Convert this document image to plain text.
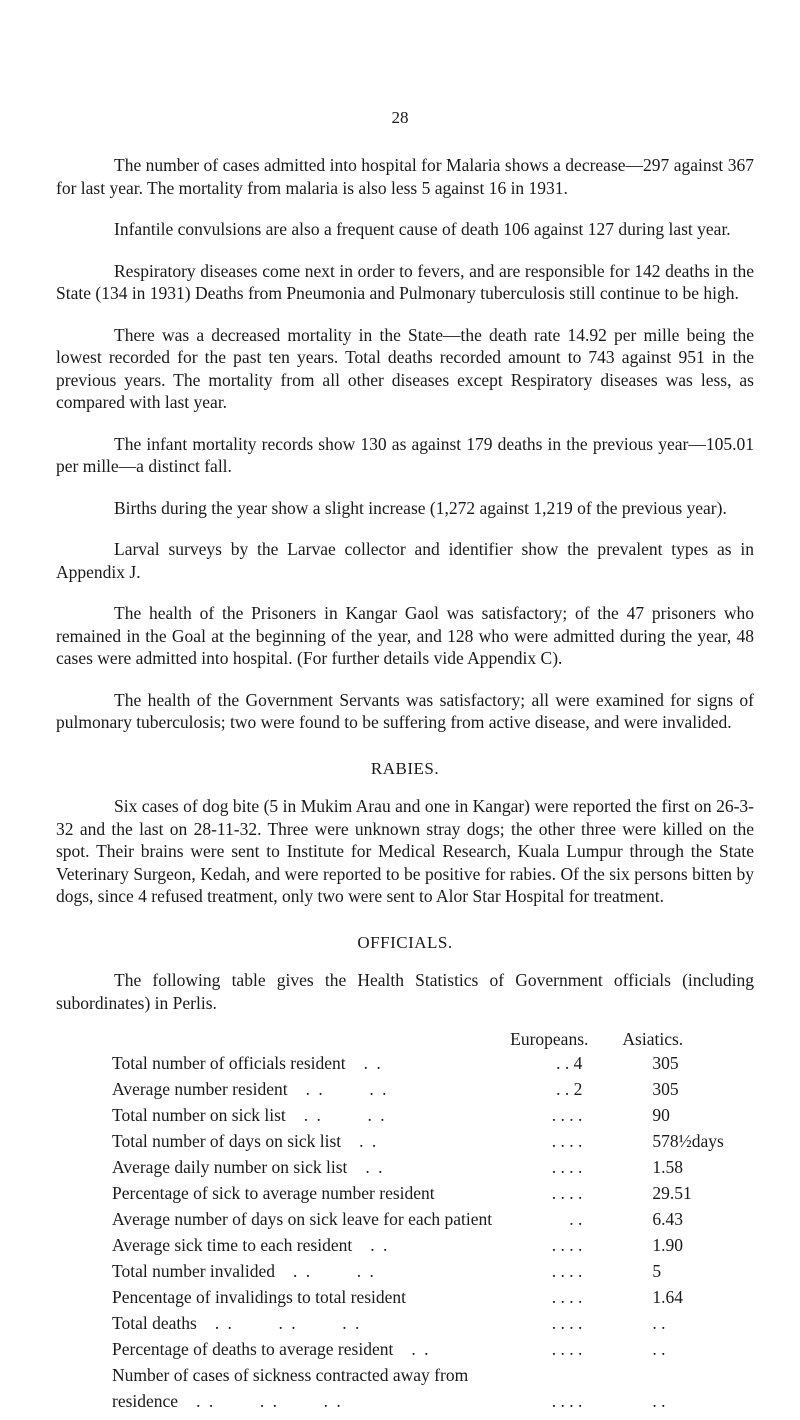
28

The number of cases admitted into hospital for Malaria shows a decrease—297 against 367 for last year. The mortality from malaria is also less 5 against 16 in 1931.

Infantile convulsions are also a frequent cause of death 106 against 127 during last year.

Respiratory diseases come next in order to fevers, and are responsible for 142 deaths in the State (134 in 1931) Deaths from Pneumonia and Pulmonary tuberculosis still continue to be high.

There was a decreased mortality in the State—the death rate 14.92 per mille being the lowest recorded for the past ten years. Total deaths recorded amount to 743 against 951 in the previous years. The mortality from all other diseases except Respiratory diseases was less, as compared with last year.

The infant mortality records show 130 as against 179 deaths in the previous year—105.01 per mille—a distinct fall.

Births during the year show a slight increase (1,272 against 1,219 of the previous year).

Larval surveys by the Larvae collector and identifier show the prevalent types as in Appendix J.

The health of the Prisoners in Kangar Gaol was satisfactory; of the 47 prisoners who remained in the Goal at the beginning of the year, and 128 who were admitted during the year, 48 cases were admitted into hospital. (For further details vide Appendix C).

The health of the Government Servants was satisfactory; all were examined for signs of pulmonary tuberculosis; two were found to be suffering from active disease, and were invalided.

RABIES.

Six cases of dog bite (5 in Mukim Arau and one in Kangar) were reported the first on 26-3-32 and the last on 28-11-32. Three were unknown stray dogs; the other three were killed on the spot. Their brains were sent to Institute for Medical Research, Kuala Lumpur through the State Veterinary Surgeon, Kedah, and were reported to be positive for rabies. Of the six persons bitten by dogs, since 4 refused treatment, only two were sent to Alor Star Hospital for treatment.

OFFICIALS.

The following table gives the Health Statistics of Government officials (including subordinates) in Perlis.

	Europeans.	Asiatics.
Total number of officials resident . .	. . 4	305
Average number resident . .       . .	. . 2	305
Total number on sick list . .       . .	. . . .	90
Total number of days on sick list . .	. . . .	578½days
Average daily number on sick list . .	. . . .	1.58
Percentage of sick to average number resident	. . . .	29.51
Average number of days on sick leave for each patient	. .	6.43
Average sick time to each resident . .	. . . .	1.90
Total number invalided . .       . .	. . . .	5
Pencentage of invalidings to total resident	. . . .	1.64
Total deaths . .       . .       . .	. . . .	. .
Percentage of deaths to average resident . .	. . . .	. .
Number of cases of sickness contracted away from		
residence . .       . .       . .	. . . .	. .
